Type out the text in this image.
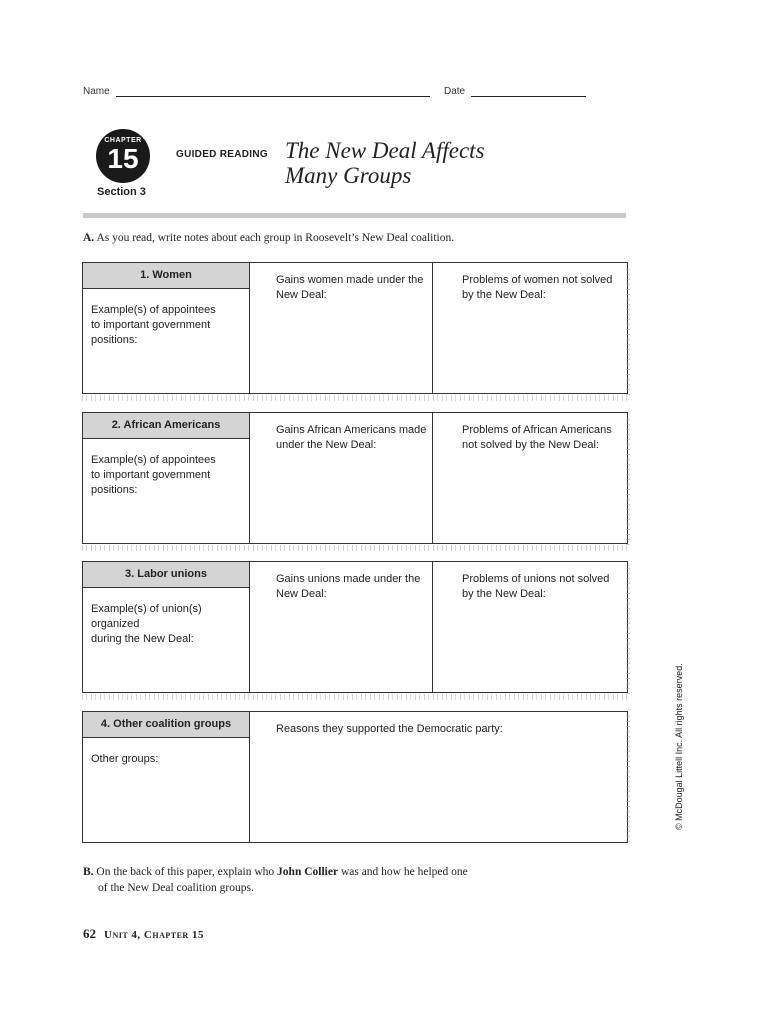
Name	Date
CHAPTER
15
Section 3
GUIDED READING The New Deal Affects
Many Groups
A. As you read, write notes about each group in Roosevelt’s New Deal coalition.
1. Women
Example(s) of appointees
to important government
positions:
Gains women made under the
New Deal:
Problems of women not solved
by the New Deal:
2. African Americans
Example(s) of appointees
to important government
positions:
Gains African Americans made
under the New Deal:
Problems of African Americans
not solved by the New Deal:
3. Labor unions
Example(s) of union(s) organized
during the New Deal:
Gains unions made under the
New Deal:
Problems of unions not solved
by the New Deal:
4. Other coalition groups
Other groups:
Reasons they supported the Democratic party:	© McDougal Littell Inc. All rights reserved.
B. On the back of this paper, explain who John Collier was and how he helped one
of the New Deal coalition groups.
62 Unit 4, Chapter 15
